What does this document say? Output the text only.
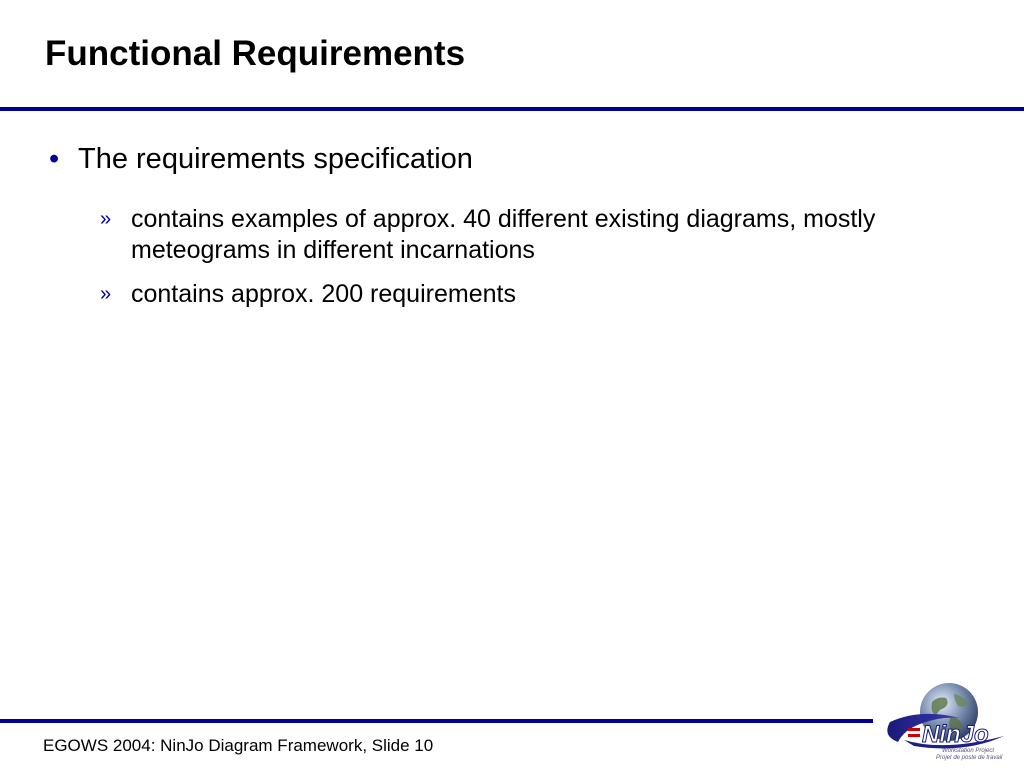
Functional Requirements
• The requirements specification
» contains examples of approx. 40 different existing diagrams, mostly meteograms in different incarnations
» contains approx. 200 requirements
EGOWS 2004: NinJo Diagram Framework, Slide 10	NinJo
Workstation Project
Projet de poste de travail
